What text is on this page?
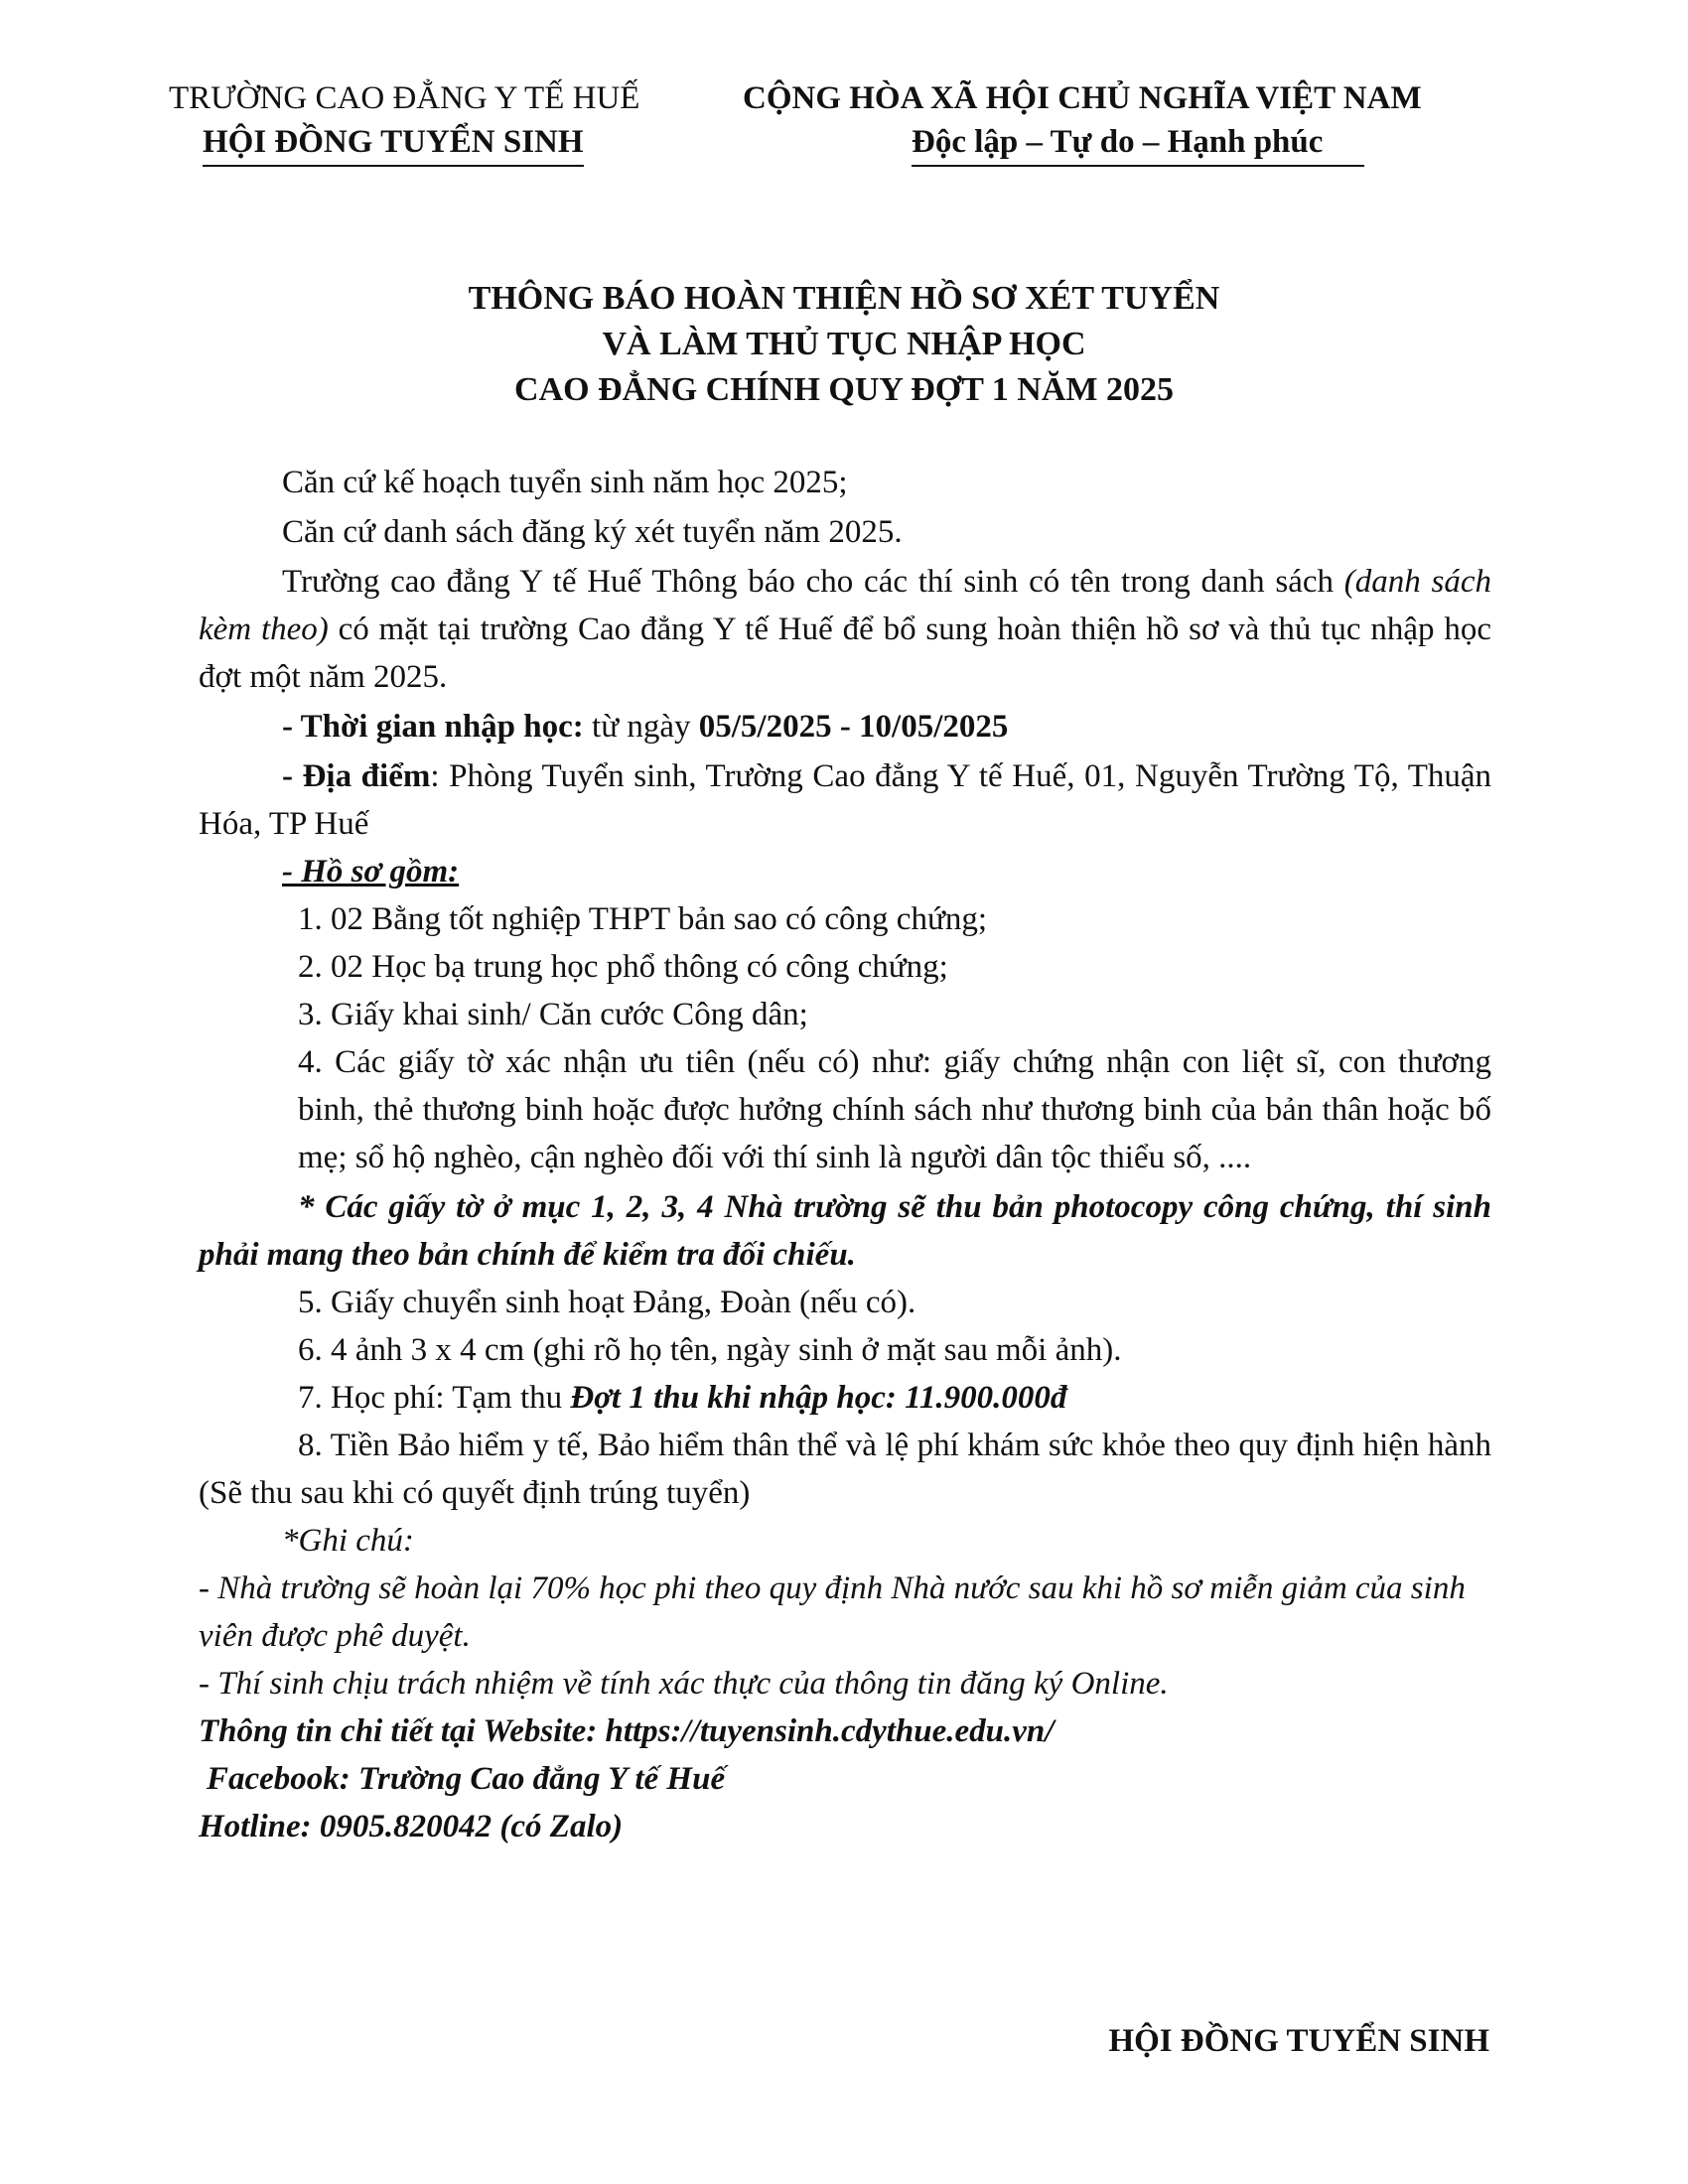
TRƯỜNG CAO ĐẲNG Y TẾ HUẾ
HỘI ĐỒNG TUYỂN SINH
CỘNG HÒA XÃ HỘI CHỦ NGHĨA VIỆT NAM
Độc lập – Tự do – Hạnh phúc
THÔNG BÁO HOÀN THIỆN HỒ SƠ XÉT TUYỂN
VÀ LÀM THỦ TỤC NHẬP HỌC
CAO ĐẲNG CHÍNH QUY ĐỢT 1 NĂM 2025

Căn cứ kế hoạch tuyển sinh năm học 2025;

Căn cứ danh sách đăng ký xét tuyển năm 2025.

Trường cao đẳng Y tế Huế Thông báo cho các thí sinh có tên trong danh sách (danh sách kèm theo) có mặt tại trường Cao đẳng Y tế Huế để bổ sung hoàn thiện hồ sơ và thủ tục nhập học đợt một năm 2025.

- Thời gian nhập học: từ ngày 05/5/2025 - 10/05/2025

- Địa điểm: Phòng Tuyển sinh, Trường Cao đẳng Y tế Huế, 01, Nguyễn Trường Tộ, Thuận Hóa, TP Huế

- Hồ sơ gồm:

1. 02 Bằng tốt nghiệp THPT bản sao có công chứng;

2. 02 Học bạ trung học phổ thông có công chứng;

3. Giấy khai sinh/ Căn cước Công dân;

4. Các giấy tờ xác nhận ưu tiên (nếu có) như: giấy chứng nhận con liệt sĩ, con thương binh, thẻ thương binh hoặc được hưởng chính sách như thương binh của bản thân hoặc bố mẹ; sổ hộ nghèo, cận nghèo đối với thí sinh là người dân tộc thiểu số, ....

* Các giấy tờ ở mục 1, 2, 3, 4 Nhà trường sẽ thu bản photocopy công chứng, thí sinh phải mang theo bản chính để kiểm tra đối chiếu.

5. Giấy chuyển sinh hoạt Đảng, Đoàn (nếu có).

6. 4 ảnh 3 x 4 cm (ghi rõ họ tên, ngày sinh ở mặt sau mỗi ảnh).

7. Học phí: Tạm thu Đợt 1 thu khi nhập học: 11.900.000đ

8. Tiền Bảo hiểm y tế, Bảo hiểm thân thể và lệ phí khám sức khỏe theo quy định hiện hành (Sẽ thu sau khi có quyết định trúng tuyển)

*Ghi chú:

- Nhà trường sẽ hoàn lại 70% học phi theo quy định Nhà nước sau khi hồ sơ miễn giảm của sinh viên được phê duyệt.

- Thí sinh chịu trách nhiệm về tính xác thực của thông tin đăng ký Online.

Thông tin chi tiết tại Website: https://tuyensinh.cdythue.edu.vn/

Facebook: Trường Cao đẳng Y tế Huế

Hotline: 0905.820042 (có Zalo)

HỘI ĐỒNG TUYỂN SINH
